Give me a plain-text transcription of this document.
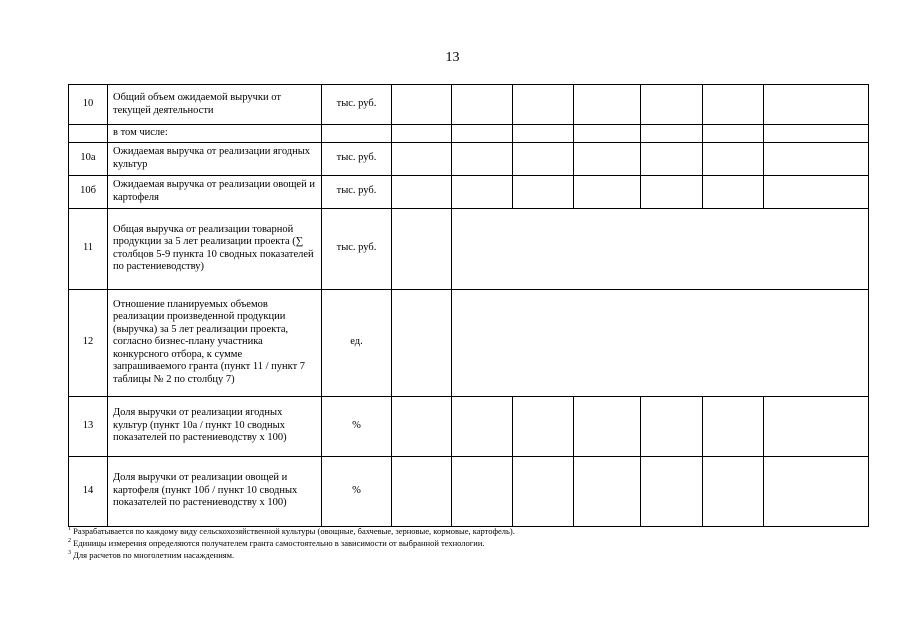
13
10	Общий объем ожидаемой выручки от текущей деятельности	тыс. руб.							
	в том числе:								
10а	Ожидаемая выручка от реализации ягодных культур	тыс. руб.							
10б	Ожидаемая выручка от реализации овощей и картофеля	тыс. руб.							
11	Общая выручка от реализации товарной продукции за 5 лет реализации проекта (∑ столбцов 5-9 пункта 10 сводных показателей по растениеводству)	тыс. руб.							
12	Отношение планируемых объемов реализации произведенной продукции (выручка) за 5 лет реализации проекта, согласно бизнес-плану участника конкурсного отбора, к сумме запрашиваемого гранта (пункт 11 / пункт 7 таблицы № 2 по столбцу 7)	ед.							
13	Доля выручки от реализации ягодных культур (пункт 10а / пункт 10 сводных показателей по растениеводству х 100)	%							
14	Доля выручки от реализации овощей и картофеля (пункт 10б / пункт 10 сводных показателей по растениеводству х 100)	%							
$^1$ Разрабатывается по каждому виду сельскохозяйственной культуры (овощные, бахчевые, зерновые, кормовые, картофель).
$^2$ Единицы измерения определяются получателем гранта самостоятельно в зависимости от выбранной технологии.
$^3$ Для расчетов по многолетним насаждениям.
